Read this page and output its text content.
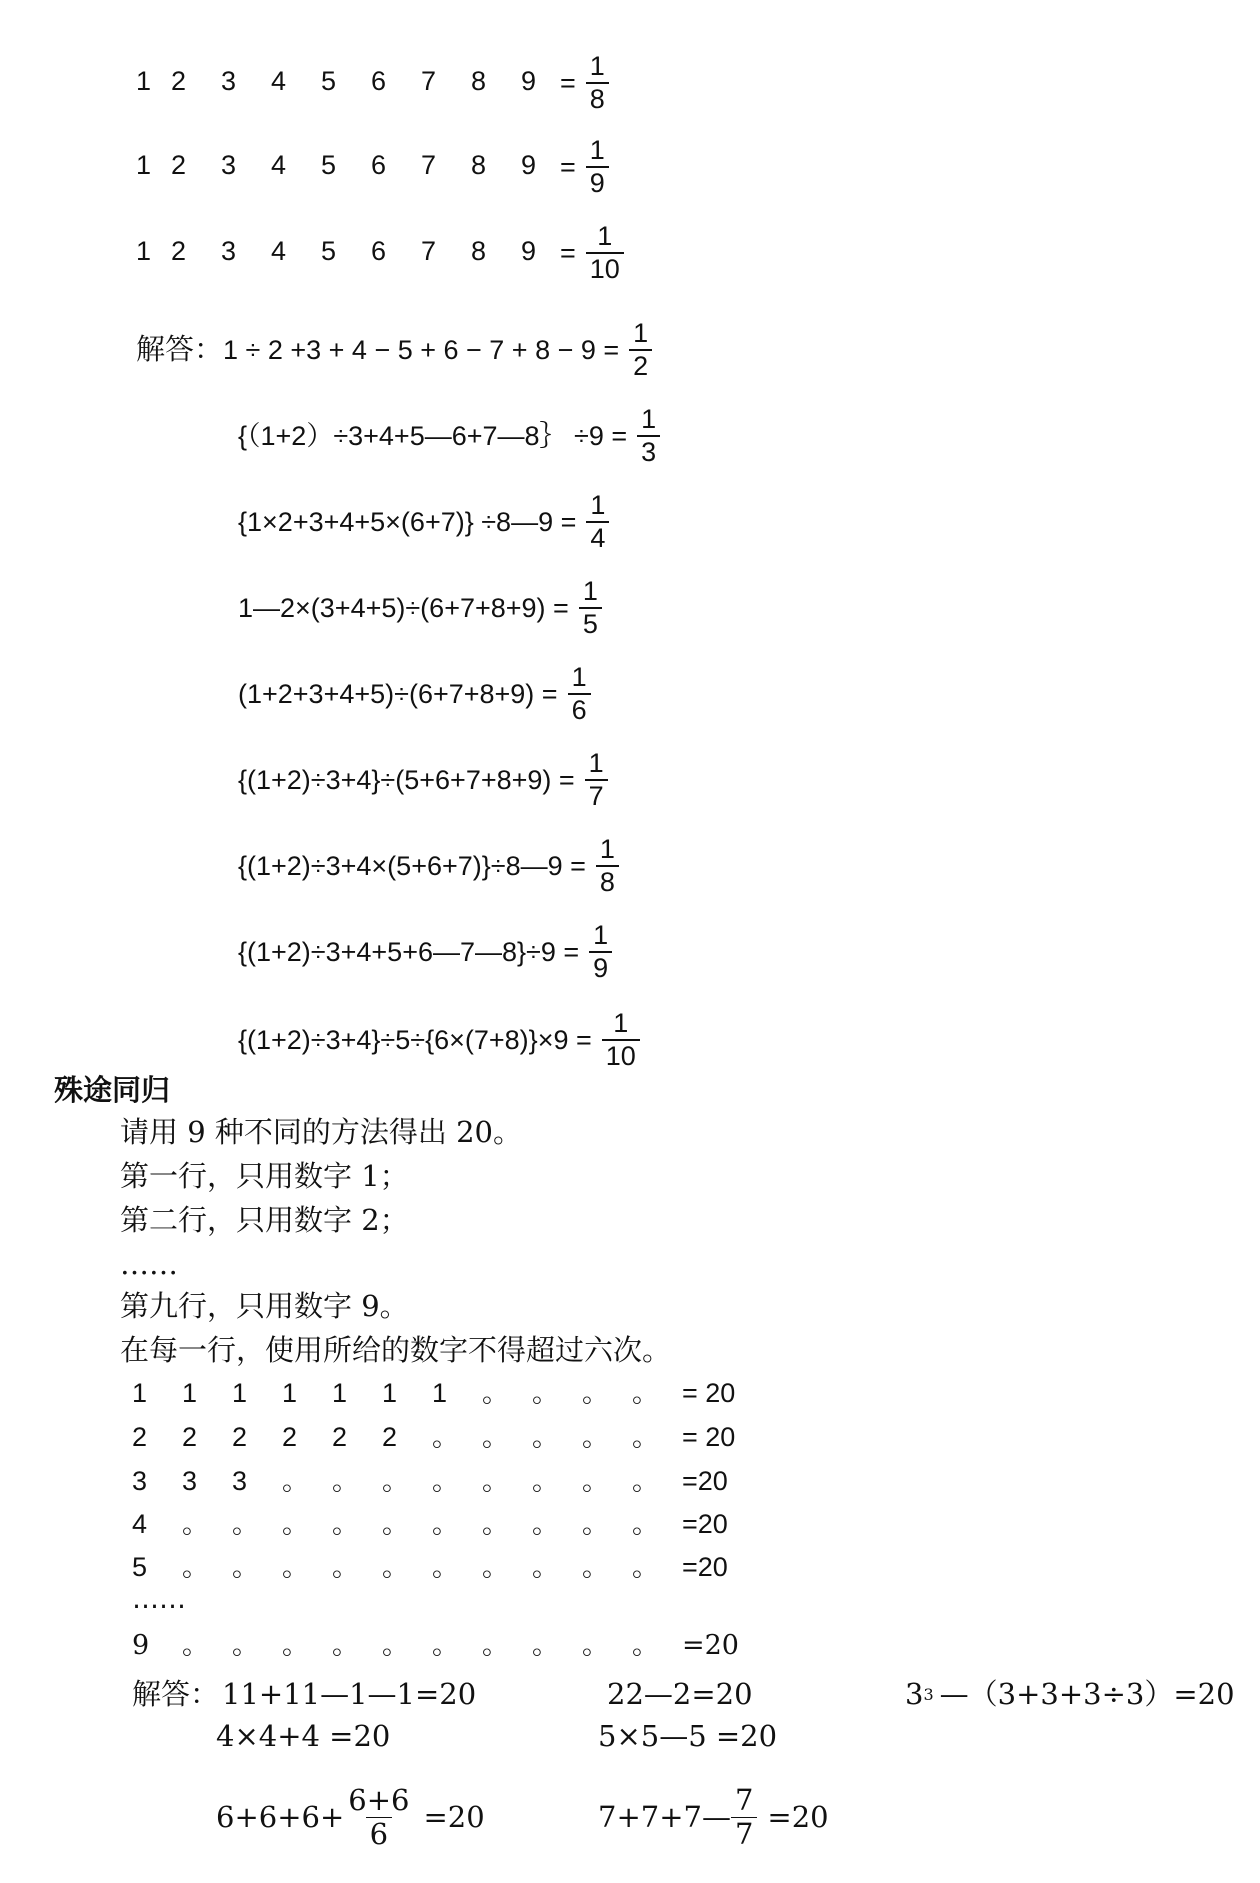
1 2 3 4 5 6 7 8 $9 = \frac{1}{8}$
1 2 3 4 5 6 7 8 $9 = \frac{1}{9}$
1 2 3 4 5 6 7 8 $9 = \frac{1}{10}$
解答： $1 \div 2 +3 + 4 - 5 + 6 - 7 + 8 - 9 = \frac{1}{2}$
{（1+2）÷3+4+5—6+7—8｝ $\div 9 = \frac{1}{3}$
{1×2+3+4+5×(6+7)} ÷8—9 = $\frac{1}{4}$
1—2×(3+4+5)÷(6+7+8+9) = $\frac{1}{5}$
$(1+2+3+4+5)\div(6+7+8+9) = \frac{1}{6}$
$\{(1+2)\div 3+4\}\div(5+6+7+8+9) = \frac{1}{7}$
{(1+2)÷3+4×(5+6+7)}÷8—9 = $\frac{1}{8}$
{(1+2)÷3+4+5+6—7—8}÷9 = $\frac{1}{9}$
$\{(1+2)\div 3+4\}\div 5\div\{6\times(7+8)\}\times 9 = \frac{1}{10}$
殊途同归
请用 9 种不同的方法得出 20。
第一行，只用数字 1；
第二行，只用数字 2；
……
第九行，只用数字 9。
在每一行，使用所给的数字不得超过六次。
1	1	1	1	1	1	1	。 。 。 。 = 20
2	2	2	2	2	2	。 。 。 。 。 = 20
3	3	3	。 。 。 。 。 。 。 。 =20
4	。 。 。 。 。 。 。 。 。 。 =20
5	。 。 。 。 。 。 。 。 。 。 =20
……
9	。 。 。 。 。 。 。 。 。 。 =20
解答： 11+11—1—1=20	22—2=20	3 3 —（3+3+3÷3）=20
4×4+4 =20	5×5—5 =20
$6+6+6+ \frac{6+6}{6} =20$	7+7+7— $\frac{7}{7} =20$
